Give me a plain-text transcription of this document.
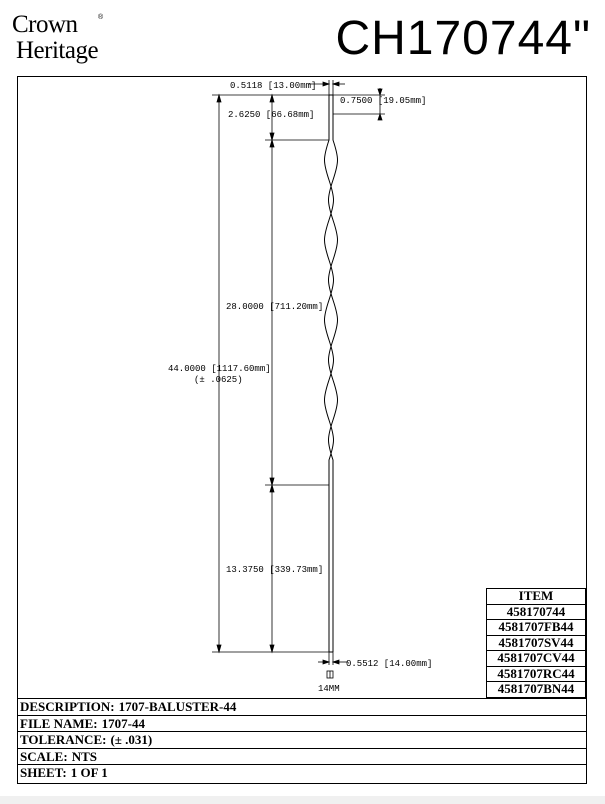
Crown	®
Heritage	CH170744"
0.5118 [13.00mm]
0.7500 [19.05mm]
2.6250 [66.68mm]
28.0000 [711.20mm]
44.0000 [1117.60mm]
(± .0625)
13.3750 [339.73mm]
0.5512 [14.00mm]
14MM
ITEM
458170744
4581707FB44
4581707SV44
4581707CV44
4581707RC44
4581707BN44
DESCRIPTION: 1707-BALUSTER-44
FILE NAME: 1707-44
TOLERANCE: (± .031)
SCALE: NTS
SHEET: 1 OF 1
